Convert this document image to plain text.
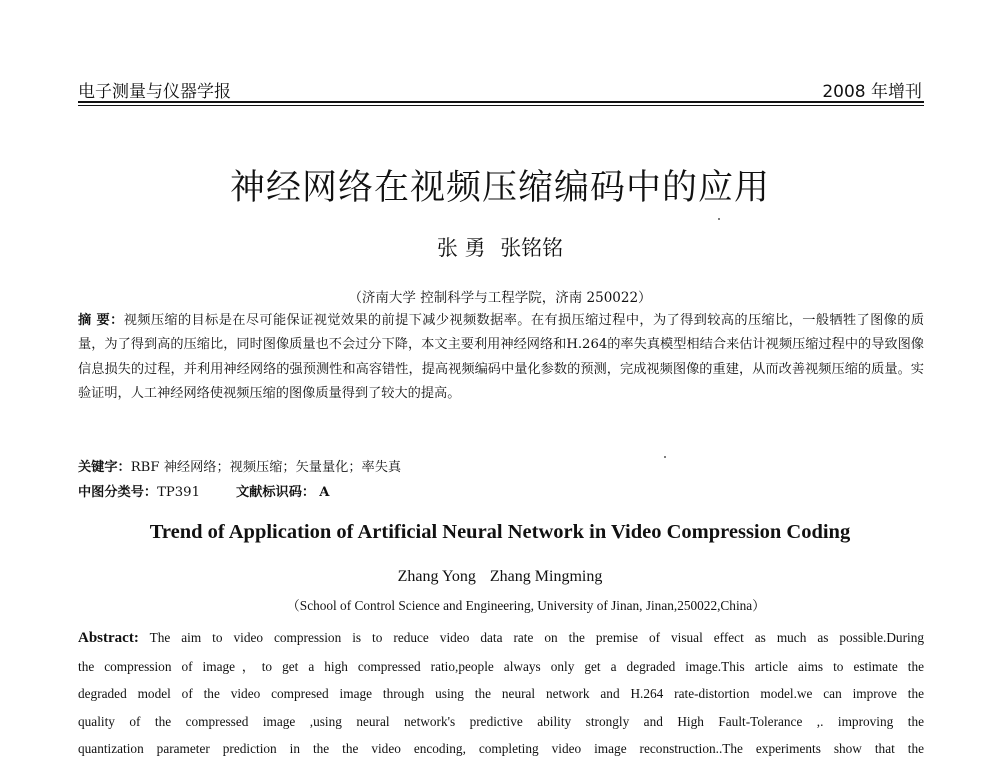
电子测量与仪器学报	2008 年增刊
神经网络在视频压缩编码中的应用
张 勇 张铭铭
（济南大学 控制科学与工程学院，济南 250022）
摘 要：视频压缩的目标是在尽可能保证视觉效果的前提下减少视频数据率。在有损压缩过程中，为了得到较高的压缩比，一般牺牲了图像的质量，为了得到高的压缩比，同时图像质量也不会过分下降，本文主要利用神经网络和H.264的率失真模型相结合来估计视频压缩过程中的导致图像信息损失的过程，并利用神经网络的强预测性和高容错性，提高视频编码中量化参数的预测，完成视频图像的重建，从而改善视频压缩的质量。实验证明，人工神经网络使视频压缩的图像质量得到了较大的提高。
关键字：RBF 神经网络；视频压缩；矢量量化；率失真
中图分类号：TP391	文献标识码： A
Trend of Application of Artificial Neural Network in Video Compression Coding
Zhang Yong Zhang Mingming
（School of Control Science and Engineering, University of Jinan, Jinan,250022,China）
Abstract: The aim to video compression is to reduce video data rate on the premise of visual effect as much as possible.During
the compression of image，to get a high compressed ratio,people always only get a degraded image.This article aims to estimate the
degraded model of the video compresed image through using the neural network and H.264 rate-distortion model.we can improve the
quality of the compressed image ,using neural network's predictive ability strongly and High Fault-Tolerance ,. improving the
quantization parameter prediction in the the video encoding, completing video image reconstruction..The experiments show that the
